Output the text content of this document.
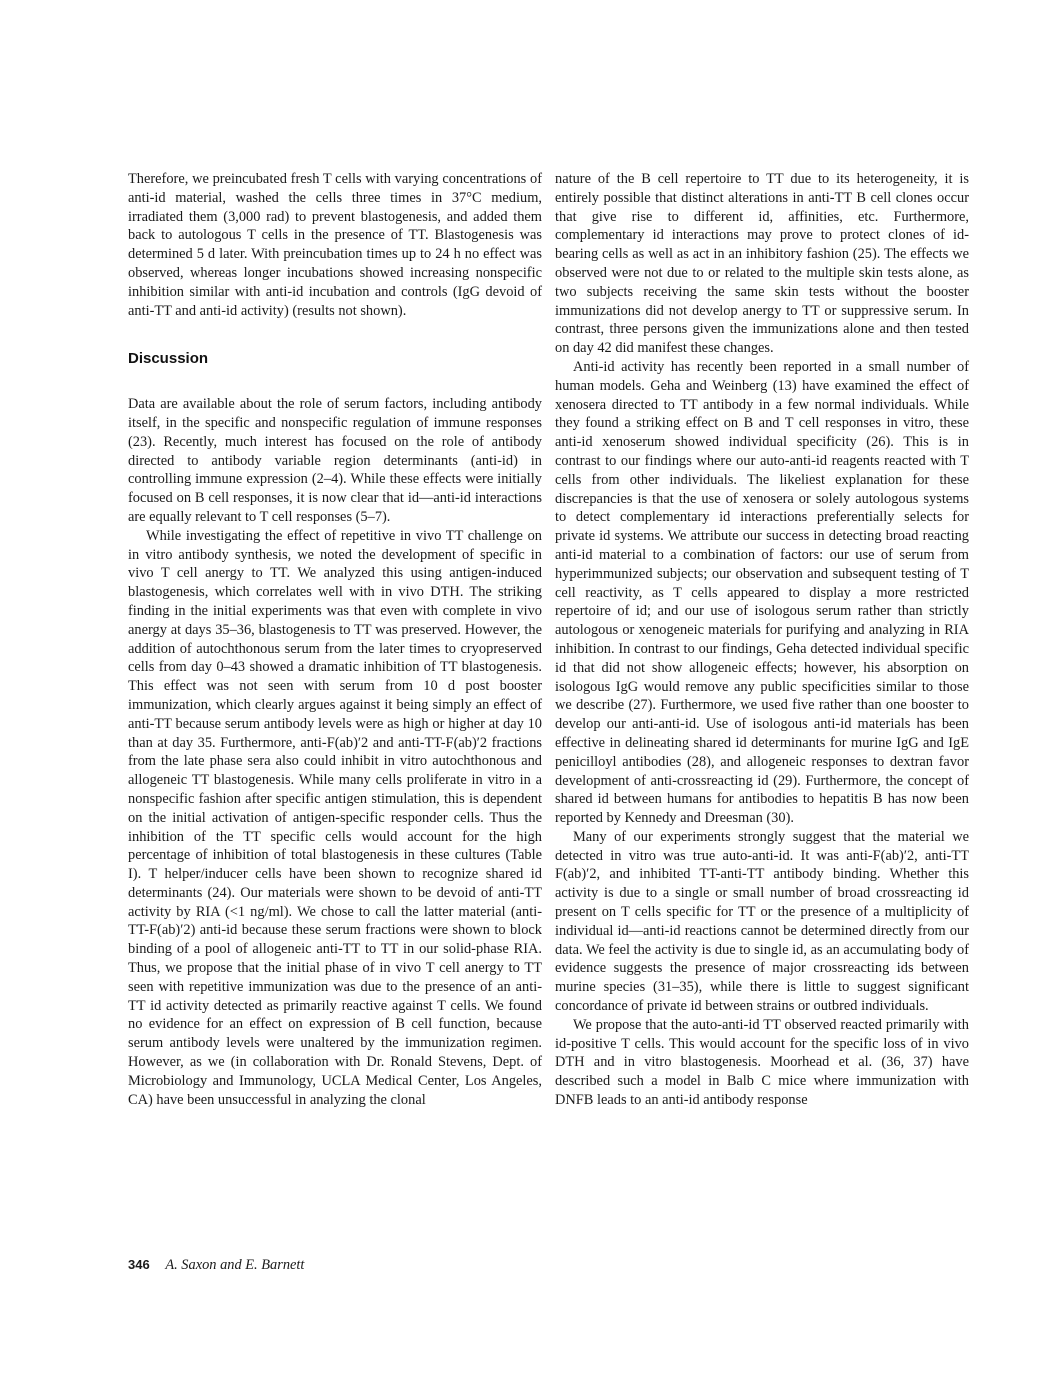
Therefore, we preincubated fresh T cells with varying concentrations of anti-id material, washed the cells three times in 37°C medium, irradiated them (3,000 rad) to prevent blastogenesis, and added them back to autologous T cells in the presence of TT. Blastogenesis was determined 5 d later. With preincubation times up to 24 h no effect was observed, whereas longer incubations showed increasing nonspecific inhibition similar with anti-id incubation and controls (IgG devoid of anti-TT and anti-id activity) (results not shown).

Discussion

Data are available about the role of serum factors, including antibody itself, in the specific and nonspecific regulation of immune responses (23). Recently, much interest has focused on the role of antibody directed to antibody variable region determinants (anti-id) in controlling immune expression (2–4). While these effects were initially focused on B cell responses, it is now clear that id—anti-id interactions are equally relevant to T cell responses (5–7).

While investigating the effect of repetitive in vivo TT challenge on in vitro antibody synthesis, we noted the development of specific in vivo T cell anergy to TT. We analyzed this using antigen-induced blastogenesis, which correlates well with in vivo DTH. The striking finding in the initial experiments was that even with complete in vivo anergy at days 35–36, blastogenesis to TT was preserved. However, the addition of autochthonous serum from the later times to cryopreserved cells from day 0–43 showed a dramatic inhibition of TT blastogenesis. This effect was not seen with serum from 10 d post booster immunization, which clearly argues against it being simply an effect of anti-TT because serum antibody levels were as high or higher at day 10 than at day 35. Furthermore, anti-F(ab)′2 and anti-TT-F(ab)′2 fractions from the late phase sera also could inhibit in vitro autochthonous and allogeneic TT blastogenesis. While many cells proliferate in vitro in a nonspecific fashion after specific antigen stimulation, this is dependent on the initial activation of antigen-specific responder cells. Thus the inhibition of the TT specific cells would account for the high percentage of inhibition of total blastogenesis in these cultures (Table I). T helper/inducer cells have been shown to recognize shared id determinants (24). Our materials were shown to be devoid of anti-TT activity by RIA (<1 ng/ml). We chose to call the latter material (anti-TT-F(ab)′2) anti-id because these serum fractions were shown to block binding of a pool of allogeneic anti-TT to TT in our solid-phase RIA. Thus, we propose that the initial phase of in vivo T cell anergy to TT seen with repetitive immunization was due to the presence of an anti-TT id activity detected as primarily reactive against T cells. We found no evidence for an effect on expression of B cell function, because serum antibody levels were unaltered by the immunization regimen. However, as we (in collaboration with Dr. Ronald Stevens, Dept. of Microbiology and Immunology, UCLA Medical Center, Los Angeles, CA) have been unsuccessful in analyzing the clonal

nature of the B cell repertoire to TT due to its heterogeneity, it is entirely possible that distinct alterations in anti-TT B cell clones occur that give rise to different id, affinities, etc. Furthermore, complementary id interactions may prove to protect clones of id-bearing cells as well as act in an inhibitory fashion (25). The effects we observed were not due to or related to the multiple skin tests alone, as two subjects receiving the same skin tests without the booster immunizations did not develop anergy to TT or suppressive serum. In contrast, three persons given the immunizations alone and then tested on day 42 did manifest these changes.

Anti-id activity has recently been reported in a small number of human models. Geha and Weinberg (13) have examined the effect of xenosera directed to TT antibody in a few normal individuals. While they found a striking effect on B and T cell responses in vitro, these anti-id xenoserum showed individual specificity (26). This is in contrast to our findings where our auto-anti-id reagents reacted with T cells from other individuals. The likeliest explanation for these discrepancies is that the use of xenosera or solely autologous systems to detect complementary id interactions preferentially selects for private id systems. We attribute our success in detecting broad reacting anti-id material to a combination of factors: our use of serum from hyperimmunized subjects; our observation and subsequent testing of T cell reactivity, as T cells appeared to display a more restricted repertoire of id; and our use of isologous serum rather than strictly autologous or xenogeneic materials for purifying and analyzing in RIA inhibition. In contrast to our findings, Geha detected individual specific id that did not show allogeneic effects; however, his absorption on isologous IgG would remove any public specificities similar to those we describe (27). Furthermore, we used five rather than one booster to develop our anti-anti-id. Use of isologous anti-id materials has been effective in delineating shared id determinants for murine IgG and IgE penicilloyl antibodies (28), and allogeneic responses to dextran favor development of anti-crossreacting id (29). Furthermore, the concept of shared id between humans for antibodies to hepatitis B has now been reported by Kennedy and Dreesman (30).

Many of our experiments strongly suggest that the material we detected in vitro was true auto-anti-id. It was anti-F(ab)′2, anti-TT F(ab)′2, and inhibited TT-anti-TT antibody binding. Whether this activity is due to a single or small number of broad crossreacting id present on T cells specific for TT or the presence of a multiplicity of individual id—anti-id reactions cannot be determined directly from our data. We feel the activity is due to single id, as an accumulating body of evidence suggests the presence of major crossreacting ids between murine species (31–35), while there is little to suggest significant concordance of private id between strains or outbred individuals.

We propose that the auto-anti-id TT observed reacted primarily with id-positive T cells. This would account for the specific loss of in vivo DTH and in vitro blastogenesis. Moorhead et al. (36, 37) have described such a model in Balb C mice where immunization with DNFB leads to an anti-id antibody response

346 A. Saxon and E. Barnett
